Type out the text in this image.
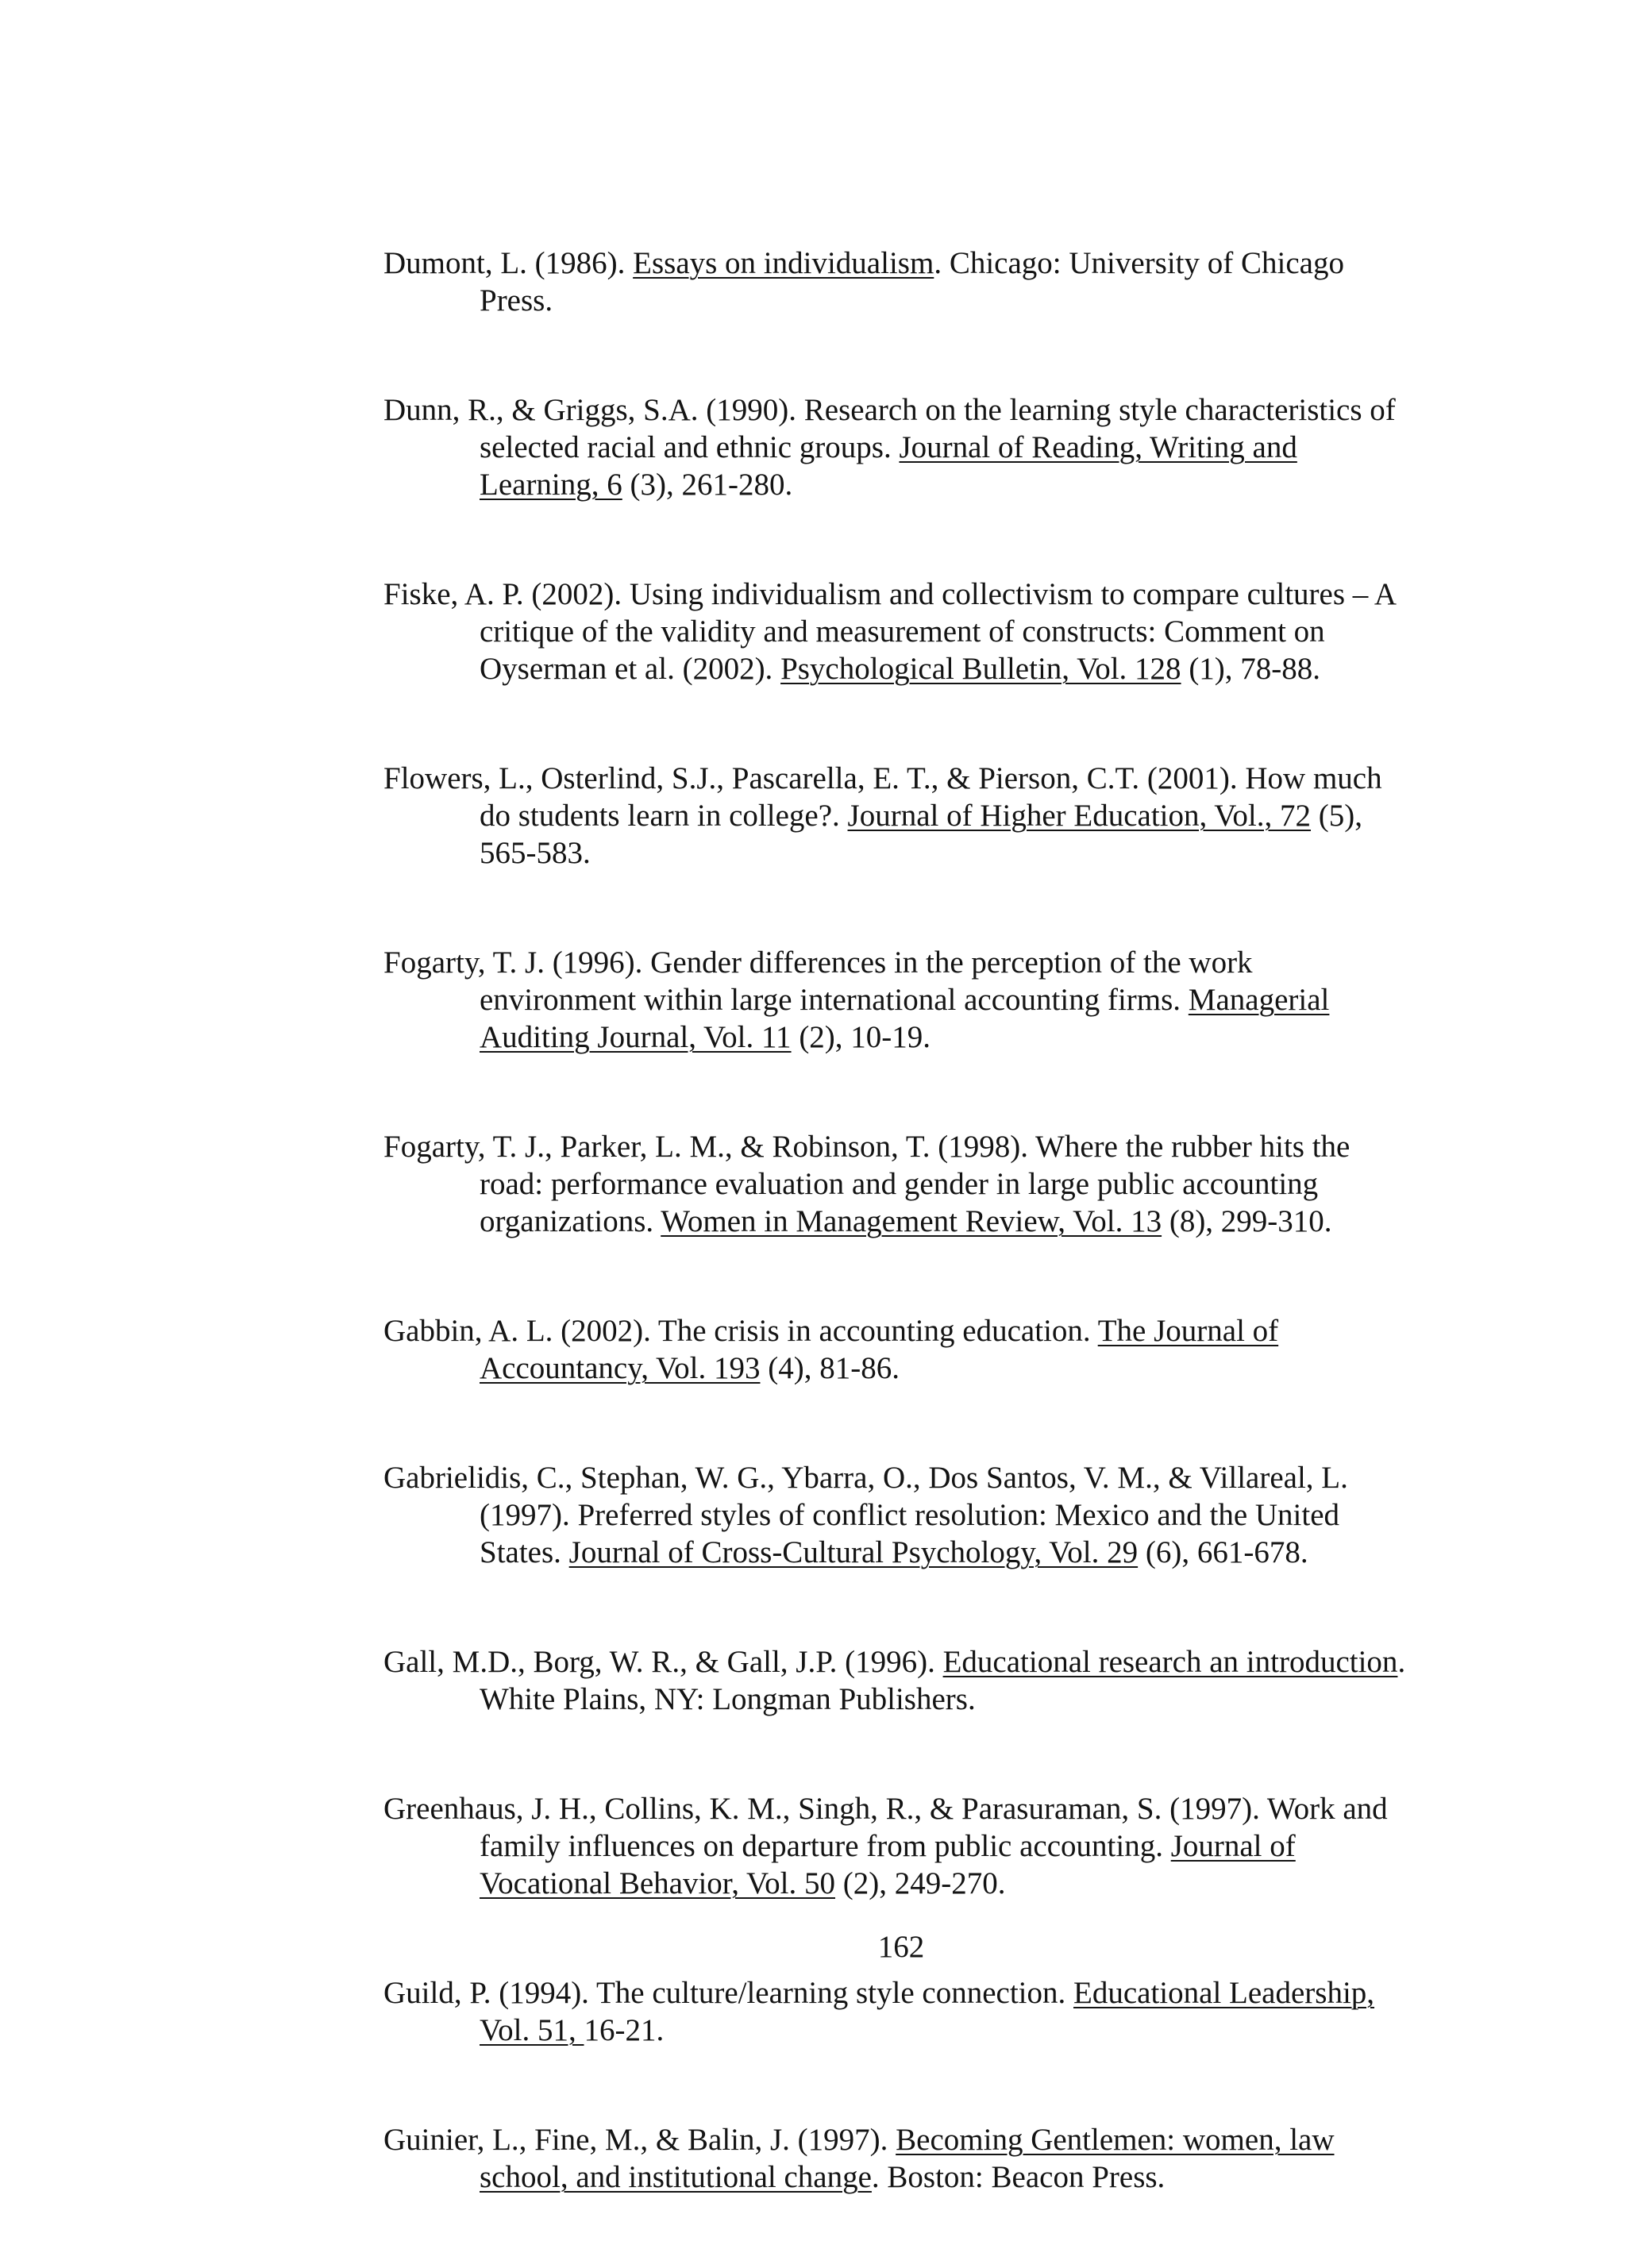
Dumont, L. (1986). Essays on individualism. Chicago: University of Chicago Press.

Dunn, R., & Griggs, S.A. (1990). Research on the learning style characteristics of selected racial and ethnic groups. Journal of Reading, Writing and Learning, 6 (3), 261-280.

Fiske, A. P. (2002). Using individualism and collectivism to compare cultures – A critique of the validity and measurement of constructs: Comment on Oyserman et al. (2002). Psychological Bulletin, Vol. 128 (1), 78-88.

Flowers, L., Osterlind, S.J., Pascarella, E. T., & Pierson, C.T. (2001). How much do students learn in college?. Journal of Higher Education, Vol., 72 (5), 565-583.

Fogarty, T. J. (1996). Gender differences in the perception of the work environment within large international accounting firms. Managerial Auditing Journal, Vol. 11 (2), 10-19.

Fogarty, T. J., Parker, L. M., & Robinson, T. (1998). Where the rubber hits the road: performance evaluation and gender in large public accounting organizations. Women in Management Review, Vol. 13 (8), 299-310.

Gabbin, A. L. (2002). The crisis in accounting education. The Journal of Accountancy, Vol. 193 (4), 81-86.

Gabrielidis, C., Stephan, W. G., Ybarra, O., Dos Santos, V. M., & Villareal, L. (1997). Preferred styles of conflict resolution: Mexico and the United States. Journal of Cross-Cultural Psychology, Vol. 29 (6), 661-678.

Gall, M.D., Borg, W. R., & Gall, J.P. (1996). Educational research an introduction. White Plains, NY: Longman Publishers.

Greenhaus, J. H., Collins, K. M., Singh, R., & Parasuraman, S. (1997). Work and family influences on departure from public accounting. Journal of Vocational Behavior, Vol. 50 (2), 249-270.

Guild, P. (1994). The culture/learning style connection. Educational Leadership, Vol. 51, 16-21.

Guinier, L., Fine, M., & Balin, J. (1997). Becoming Gentlemen: women, law school, and institutional change. Boston: Beacon Press.

162
